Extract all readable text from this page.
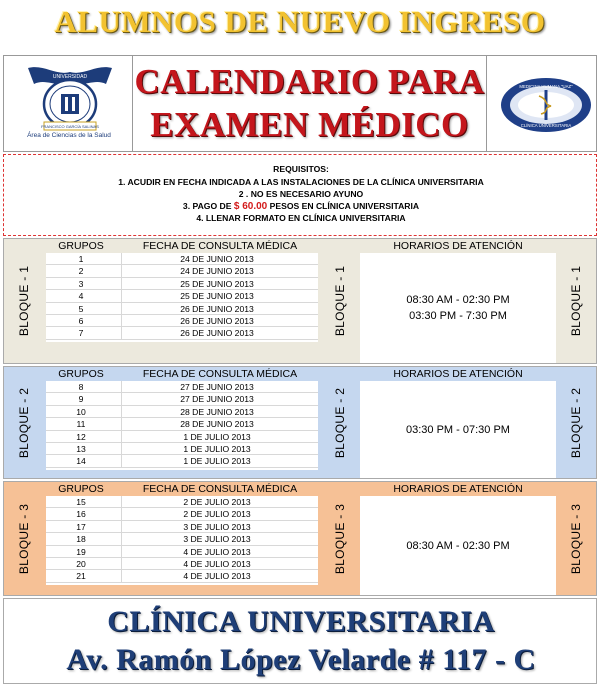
ALUMNOS DE NUEVO INGRESO
UNIVERSIDAD
FRANCISCO GARCÍA SALINAS
Área de Ciencias de la Salud
CALENDARIO PARA
EXAMEN MÉDICO
MEDICINA HUMANA "UAZ"
CLÍNICA UNIVERSITARIA
REQUISITOS:
1. ACUDIR EN FECHA INDICADA A LAS INSTALACIONES DE LA CLÍNICA UNIVERSITARIA
2 . NO ES NECESARIO AYUNO
3. PAGO DE $ 60.00 PESOS EN CLÍNICA UNIVERSITARIA
4. LLENAR FORMATO EN CLÍNICA UNIVERSITARIA
BLOQUE - 1
GRUPOS	FECHA DE CONSULTA MÉDICA
1	24 DE JUNIO 2013
2	24 DE JUNIO 2013
3	25 DE JUNIO 2013
4	25 DE JUNIO 2013
5	26 DE JUNIO 2013
6	26 DE JUNIO 2013
7	26 DE JUNIO 2013	BLOQUE - 1
HORARIOS DE ATENCIÓN
08:30 AM - 02:30 PM
03:30 PM - 7:30 PM	BLOQUE - 1
BLOQUE - 2
GRUPOS	FECHA DE CONSULTA MÉDICA
8	27 DE JUNIO 2013
9	27 DE JUNIO 2013
10	28 DE JUNIO 2013
11	28 DE JUNIO 2013
12	1 DE JULIO 2013
13	1 DE JULIO 2013
14	1 DE JULIO 2013
BLOQUE - 2
HORARIOS DE ATENCIÓN
03:30 PM - 07:30 PM	BLOQUE - 2
BLOQUE - 3
GRUPOS	FECHA DE CONSULTA MÉDICA
15	2 DE JULIO 2013
16	2 DE JULIO 2013
17	3 DE JULIO 2013
18	3 DE JULIO 2013
19	4 DE JULIO 2013
20	4 DE JULIO 2013
21	4 DE JULIO 2013
BLOQUE - 3
HORARIOS DE ATENCIÓN
08:30 AM - 02:30 PM	BLOQUE - 3
CLÍNICA UNIVERSITARIA
Av. Ramón López Velarde # 117 - C
